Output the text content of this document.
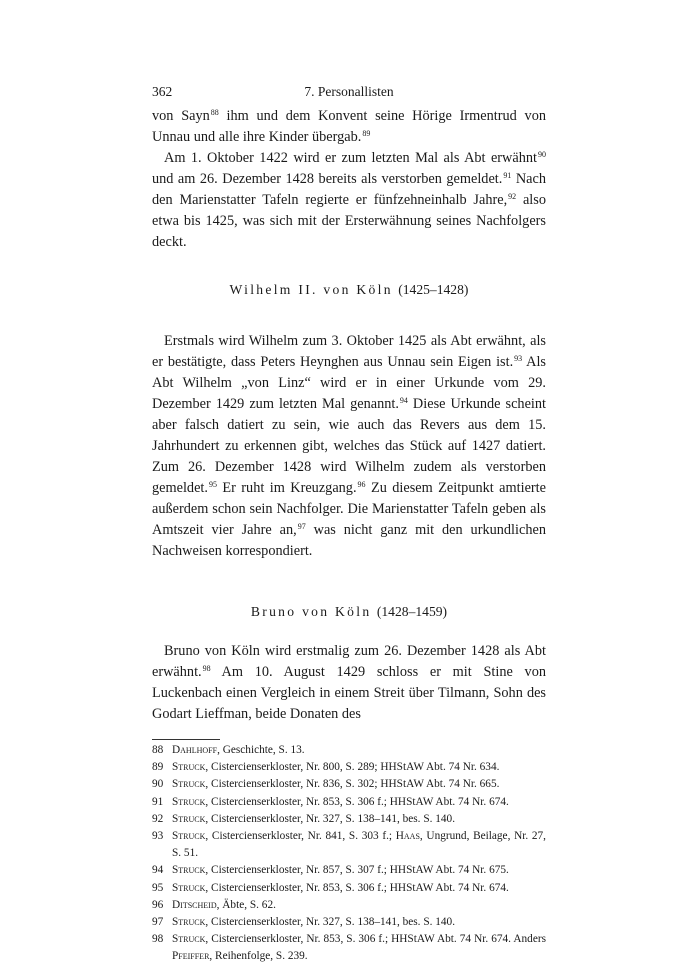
362	7. Personallisten

von Sayn$^{88}$ ihm und dem Konvent seine Hörige Irmentrud von Unnau und alle ihre Kinder übergab.$^{89}$

Am 1. Oktober 1422 wird er zum letzten Mal als Abt erwähnt$^{90}$ und am 26. Dezember 1428 bereits als verstorben gemeldet.$^{91}$ Nach den Marienstatter Tafeln regierte er fünfzehneinhalb Jahre,$^{92}$ also etwa bis 1425, was sich mit der Ersterwähnung seines Nachfolgers deckt.

Wilhelm II. von Köln (1425–1428)

Erstmals wird Wilhelm zum 3. Oktober 1425 als Abt erwähnt, als er bestätigte, dass Peters Heynghen aus Unnau sein Eigen ist.$^{93}$ Als Abt Wilhelm „von Linz“ wird er in einer Urkunde vom 29. Dezember 1429 zum letzten Mal genannt.$^{94}$ Diese Urkunde scheint aber falsch datiert zu sein, wie auch das Revers aus dem 15. Jahrhundert zu erkennen gibt, welches das Stück auf 1427 datiert. Zum 26. Dezember 1428 wird Wilhelm zudem als verstorben gemeldet.$^{95}$ Er ruht im Kreuzgang.$^{96}$ Zu diesem Zeitpunkt amtierte außerdem schon sein Nachfolger. Die Marienstatter Tafeln geben als Amtszeit vier Jahre an,$^{97}$ was nicht ganz mit den urkundlichen Nachweisen korrespondiert.

Bruno von Köln (1428–1459)

Bruno von Köln wird erstmalig zum 26. Dezember 1428 als Abt erwähnt.$^{98}$ Am 10. August 1429 schloss er mit Stine von Luckenbach einen Vergleich in einem Streit über Tilmann, Sohn des Godart Lieffman, beide Donaten des

88 Dahlhoff, Geschichte, S. 13.
89 Struck, Cistercienserkloster, Nr. 800, S. 289; HHStAW Abt. 74 Nr. 634.
90 Struck, Cistercienserkloster, Nr. 836, S. 302; HHStAW Abt. 74 Nr. 665.
91 Struck, Cistercienserkloster, Nr. 853, S. 306 f.; HHStAW Abt. 74 Nr. 674.
92 Struck, Cistercienserkloster, Nr. 327, S. 138–141, bes. S. 140.
93 Struck, Cistercienserkloster, Nr. 841, S. 303 f.; Haas, Ungrund, Beilage, Nr. 27, S. 51.
94 Struck, Cistercienserkloster, Nr. 857, S. 307 f.; HHStAW Abt. 74 Nr. 675.
95 Struck, Cistercienserkloster, Nr. 853, S. 306 f.; HHStAW Abt. 74 Nr. 674.
96 Ditscheid, Äbte, S. 62.
97 Struck, Cistercienserkloster, Nr. 327, S. 138–141, bes. S. 140.
98 Struck, Cistercienserkloster, Nr. 853, S. 306 f.; HHStAW Abt. 74 Nr. 674. Anders Pfeiffer, Reihenfolge, S. 239.
